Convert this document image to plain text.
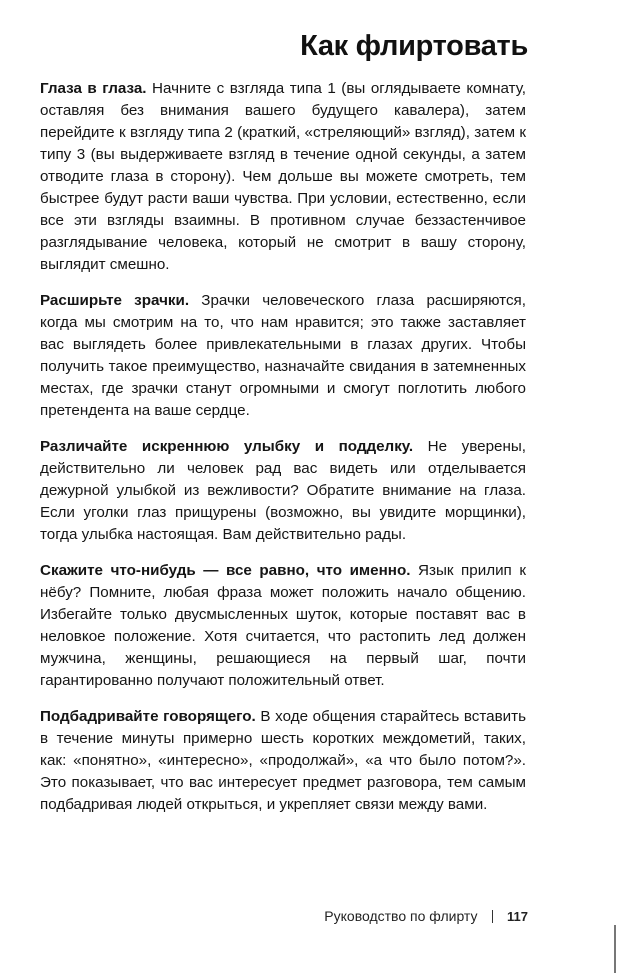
Как флиртовать

Глаза в глаза. Начните с взгляда типа 1 (вы оглядываете комнату, оставляя без внимания вашего будущего кавалера), затем перейдите к взгляду типа 2 (краткий, «стреляющий» взгляд), затем к типу 3 (вы выдерживаете взгляд в течение одной секунды, а затем отводите глаза в сторону). Чем дольше вы можете смотреть, тем быстрее будут расти ваши чувства. При условии, естественно, если все эти взгляды взаимны. В противном случае беззастенчивое разглядывание человека, который не смотрит в вашу сторону, выглядит смешно.

Расширьте зрачки. Зрачки человеческого глаза расширяются, когда мы смотрим на то, что нам нравится; это также заставляет вас выглядеть более привлекательными в глазах других. Чтобы получить такое преимущество, назначайте свидания в затемненных местах, где зрачки станут огромными и смогут поглотить любого претендента на ваше сердце.

Различайте искреннюю улыбку и подделку. Не уверены, действительно ли человек рад вас видеть или отделывается дежурной улыбкой из вежливости? Обратите внимание на глаза. Если уголки глаз прищурены (возможно, вы увидите морщинки), тогда улыбка настоящая. Вам действительно рады.

Скажите что-нибудь — все равно, что именно. Язык прилип к нёбу? Помните, любая фраза может положить начало общению. Избегайте только двусмысленных шуток, которые поставят вас в неловкое положение. Хотя считается, что растопить лед должен мужчина, женщины, решающиеся на первый шаг, почти гарантированно получают положительный ответ.

Подбадривайте говорящего. В ходе общения старайтесь вставить в течение минуты примерно шесть коротких междометий, таких, как: «понятно», «интересно», «продолжай», «а что было потом?». Это показывает, что вас интересует предмет разговора, тем самым подбадривая людей открыться, и укрепляет связи между вами.

Руководство по флирту 117
